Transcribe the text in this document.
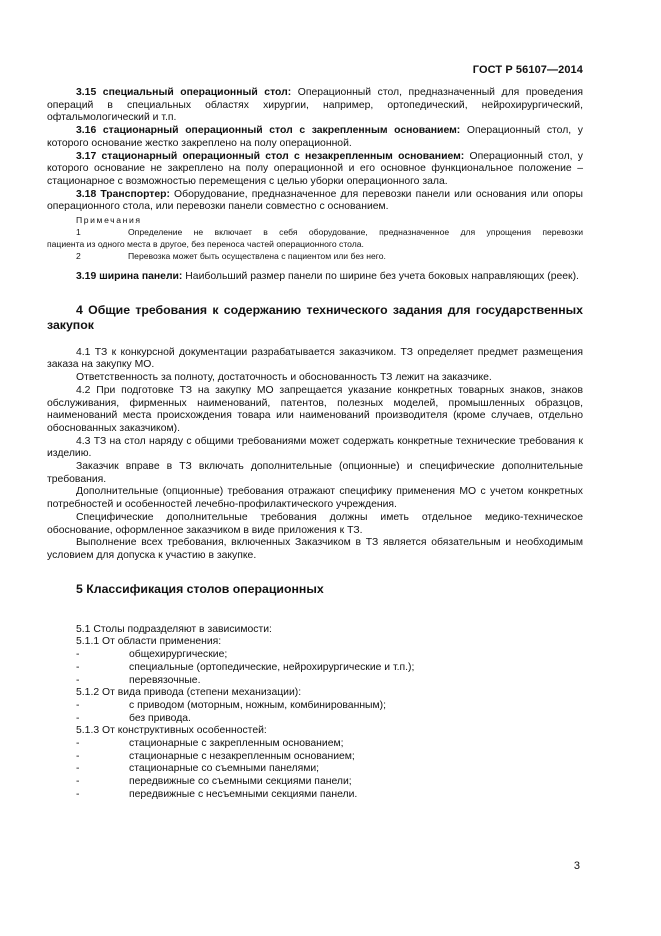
ГОСТ Р 56107—2014

3.15 специальный операционный стол: Операционный стол, предназначенный для проведения операций в специальных областях хирургии, например, ортопедический, нейрохирургический, офтальмологический и т.п.

3.16 стационарный операционный стол с закрепленным основанием: Операционный стол, у которого основание жестко закреплено на полу операционной.

3.17 стационарный операционный стол с незакрепленным основанием: Операционный стол, у которого основание не закреплено на полу операционной и его основное функциональное положение – стационарное с возможностью перемещения с целью уборки операционного зала.

3.18 Транспортер: Оборудование, предназначенное для перевозки панели или основания или опоры операционного стола, или перевозки панели совместно с основанием.

Примечания
1	Определение не включает в себя оборудование, предназначенное для упрощения перевозки
пациента из одного места в другое, без переноса частей операционного стола.
2	Перевозка может быть осуществлена с пациентом или без него.

3.19 ширина панели: Наибольший размер панели по ширине без учета боковых направляющих (реек).

4 Общие требования к содержанию технического задания для государственных закупок

4.1 ТЗ к конкурсной документации разрабатывается заказчиком. ТЗ определяет предмет размещения заказа на закупку МО.

Ответственность за полноту, достаточность и обоснованность ТЗ лежит на заказчике.

4.2 При подготовке ТЗ на закупку МО запрещается указание конкретных товарных знаков, знаков обслуживания, фирменных наименований, патентов, полезных моделей, промышленных образцов, наименований места происхождения товара или наименований производителя (кроме случаев, отдельно обоснованных заказчиком).

4.3 ТЗ на стол наряду с общими требованиями может содержать конкретные технические требования к изделию.

Заказчик вправе в ТЗ включать дополнительные (опционные) и специфические дополнительные требования.

Дополнительные (опционные) требования отражают специфику применения МО с учетом конкретных потребностей и особенностей лечебно-профилактического учреждения.

Специфические дополнительные требования должны иметь отдельное медико-техническое обоснование, оформленное заказчиком в виде приложения к ТЗ.

Выполнение всех требования, включенных Заказчиком в ТЗ является обязательным и необходимым условием для допуска к участию в закупке.

5 Классификация столов операционных

5.1 Столы подразделяют в зависимости:

5.1.1 От области применения:

-	общехирургические;
-	специальные (ортопедические, нейрохирургические и т.п.);
-	перевязочные.

5.1.2 От вида привода (степени механизации):

-	с приводом (моторным, ножным, комбинированным);
-	без привода.

5.1.3 От конструктивных особенностей:

-	стационарные с закрепленным основанием;
-	стационарные с незакрепленным основанием;
-	стационарные со съемными панелями;
-	передвижные со съемными секциями панели;
-	передвижные с несъемными секциями панели.
3
